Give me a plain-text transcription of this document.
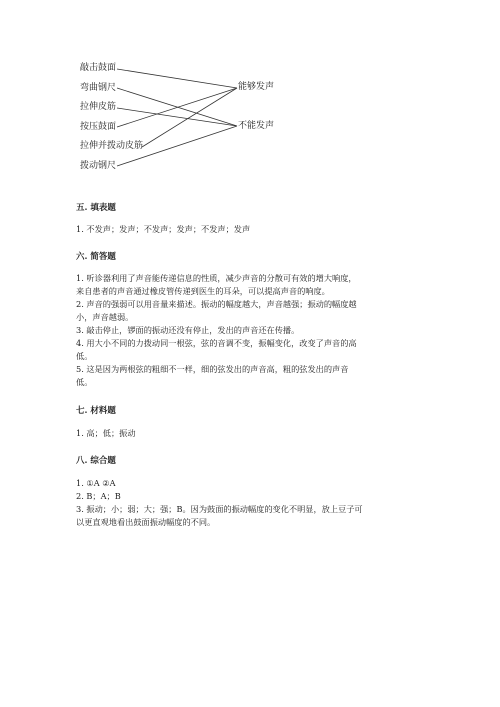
敲击鼓面
弯曲钢尺
拉伸皮筋
按压鼓面
拉伸并拨动皮筋
拨动钢尺
能够发声
不能发声
五. 填表题
1. 不发声；发声；不发声；发声；不发声；发声
六. 简答题
1. 听诊器利用了声音能传递信息的性质，减少声音的分散可有效的增大响度，
来自患者的声音通过橡皮管传递到医生的耳朵，可以提高声音的响度。
2. 声音的强弱可以用音量来描述。振动的幅度越大，声音越强；振动的幅度越
小，声音越弱。
3. 敲击停止，锣面的振动还没有停止，发出的声音还在传播。
4. 用大小不同的力拨动同一根弦，弦的音调不变，振幅变化，改变了声音的高
低。
5. 这是因为两根弦的粗细不一样，细的弦发出的声音高，粗的弦发出的声音
低。
七. 材料题
1. 高；低；振动
八. 综合题
1. ①A ②A
2. B；A；B
3. 振动；小；弱；大；强；B。因为鼓面的振动幅度的变化不明显，放上豆子可
以更直观地看出鼓面振动幅度的不同。
